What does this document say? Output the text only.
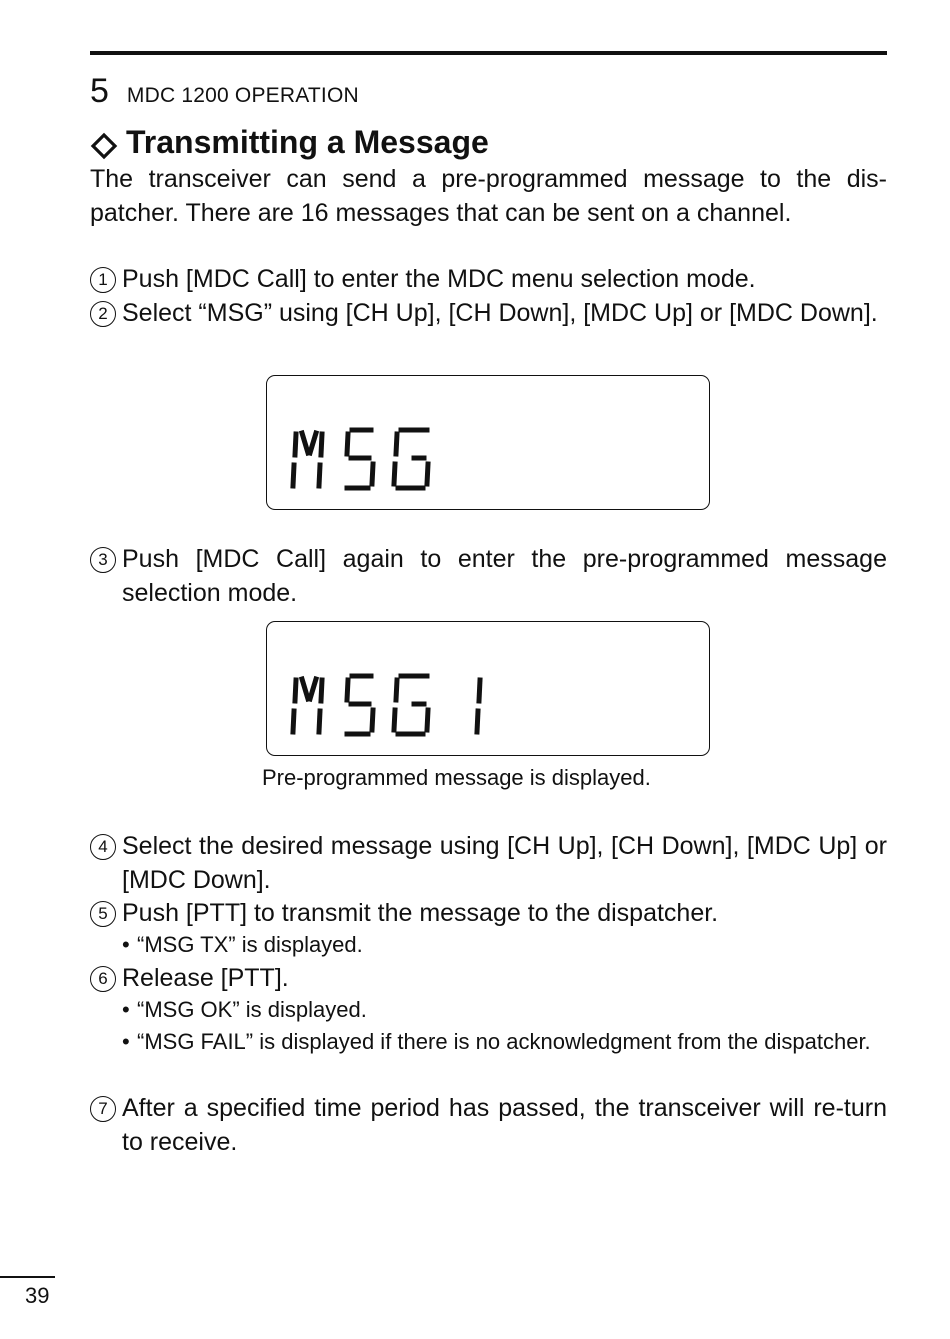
5 MDC 1200 OPERATION
Transmitting a Message
The transceiver can send a pre-programmed message to the dis-
patcher. There are 16 messages that can be sent on a channel.
1 Push [MDC Call] to enter the MDC menu selection mode.
2 Select “MSG” using [CH Up], [CH Down], [MDC Up] or [MDC Down].
3 Push [MDC Call] again to enter the pre-programmed message selection mode.
Pre-programmed message is displayed.
4 Select the desired message using [CH Up], [CH Down], [MDC Up] or [MDC Down].
5 Push [PTT] to transmit the message to the dispatcher.
• “MSG TX” is displayed.
6 Release [PTT].
• “MSG OK” is displayed.
• “MSG FAIL” is displayed if there is no acknowledgment from the dispatcher.
7 After a specified time period has passed, the transceiver will re-turn to receive.
39
